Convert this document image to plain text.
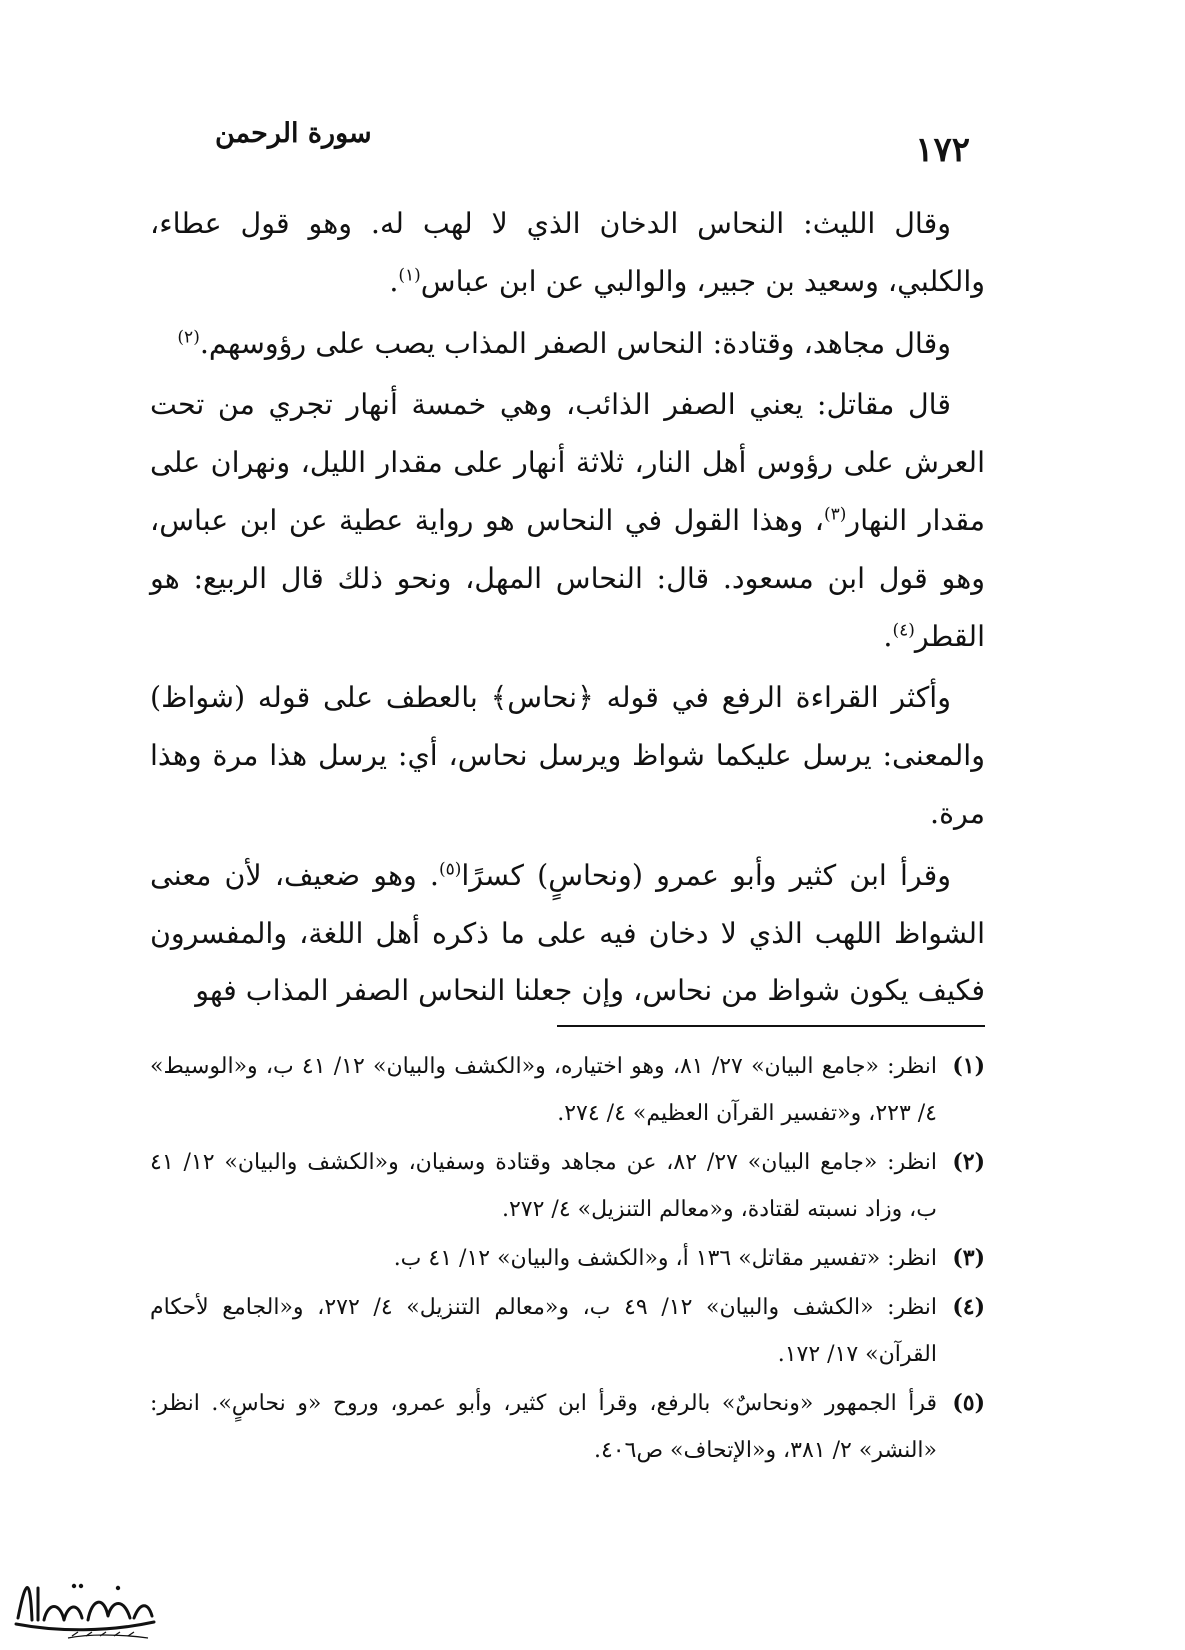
١٧٢
سورة الرحمن

وقال الليث: النحاس الدخان الذي لا لهب له. وهو قول عطاء، والكلبي، وسعيد بن جبير، والوالبي عن ابن عباس$^{(١)}$.

وقال مجاهد، وقتادة: النحاس الصفر المذاب يصب على رؤوسهم.$^{(٢)}$

قال مقاتل: يعني الصفر الذائب، وهي خمسة أنهار تجري من تحت العرش على رؤوس أهل النار، ثلاثة أنهار على مقدار الليل، ونهران على مقدار النهار$^{(٣)}$، وهذا القول في النحاس هو رواية عطية عن ابن عباس، وهو قول ابن مسعود. قال: النحاس المهل، ونحو ذلك قال الربيع: هو القطر$^{(٤)}$.

وأكثر القراءة الرفع في قوله ﴿نحاس﴾ بالعطف على قوله (شواظ) والمعنى: يرسل عليكما شواظ ويرسل نحاس، أي: يرسل هذا مرة وهذا مرة.

وقرأ ابن كثير وأبو عمرو (ونحاسٍ) كسرًا$^{(٥)}$. وهو ضعيف، لأن معنى الشواظ اللهب الذي لا دخان فيه على ما ذكره أهل اللغة، والمفسرون فكيف يكون شواظ من نحاس، وإن جعلنا النحاس الصفر المذاب فهو

(١)
انظر: «جامع البيان» ٢٧/ ٨١، وهو اختياره، و«الكشف والبيان» ١٢/ ٤١ ب، و«الوسيط» ٤/ ٢٢٣، و«تفسير القرآن العظيم» ٤/ ٢٧٤.
(٢)
انظر: «جامع البيان» ٢٧/ ٨٢، عن مجاهد وقتادة وسفيان، و«الكشف والبيان» ١٢/ ٤١ ب، وزاد نسبته لقتادة، و«معالم التنزيل» ٤/ ٢٧٢.
(٣)
انظر: «تفسير مقاتل» ١٣٦ أ، و«الكشف والبيان» ١٢/ ٤١ ب.
(٤)
انظر: «الكشف والبيان» ١٢/ ٤٩ ب، و«معالم التنزيل» ٤/ ٢٧٢، و«الجامع لأحكام القرآن» ١٧/ ١٧٢.
(٥)
قرأ الجمهور «ونحاسٌ» بالرفع، وقرأ ابن كثير، وأبو عمرو، وروح «و نحاسٍ». انظر: «النشر» ٢/ ٣٨١، و«الإتحاف» ص٤٠٦.
